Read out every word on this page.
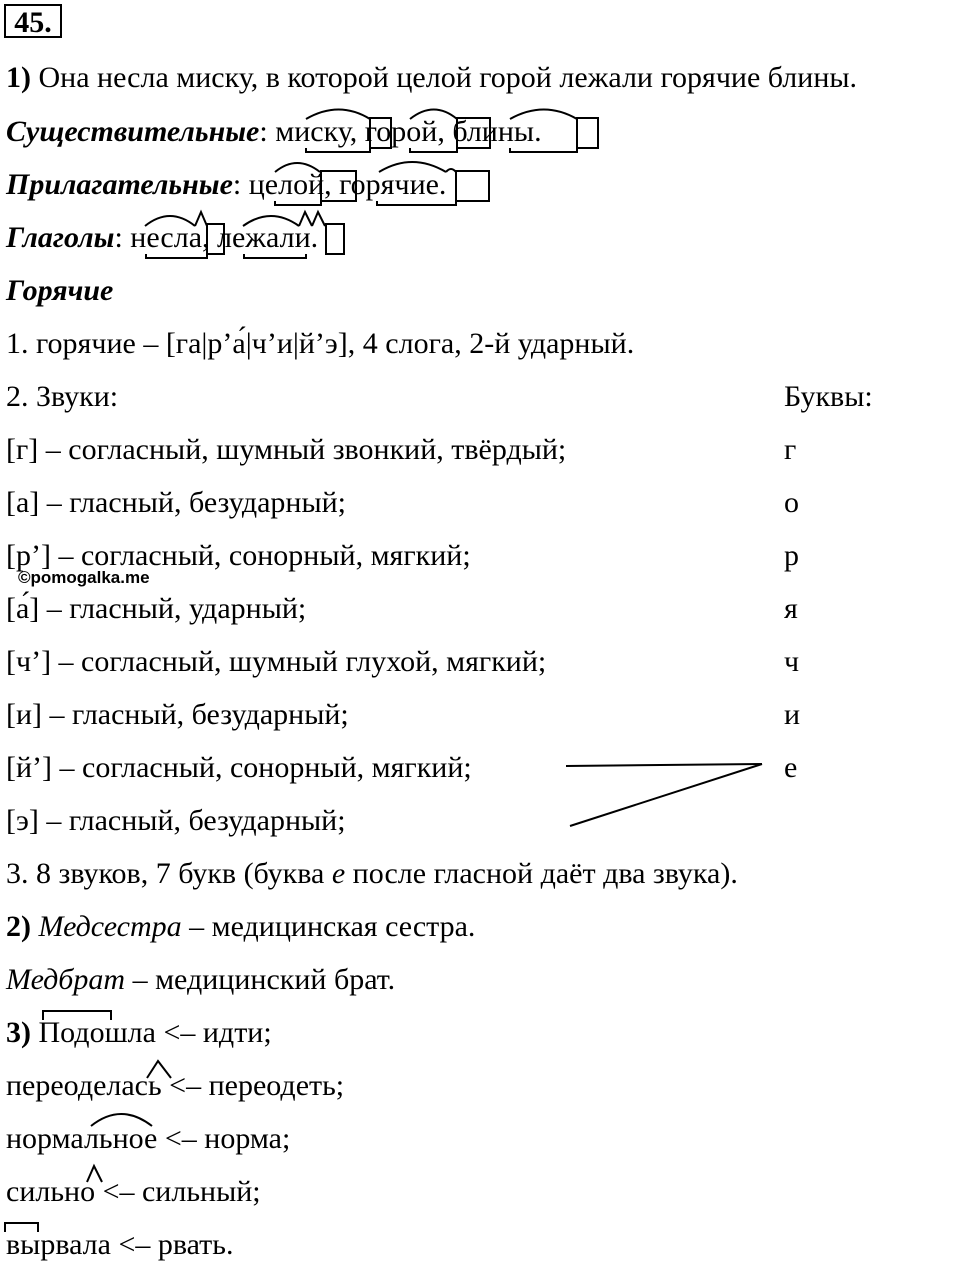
45.
1) Она несла миску, в которой целой горой лежали горячие блины.
Существительные: миску, горой, блины.
Прилагательные: целой, горячие.
Глаголы: несла, лежали.
Горячие
1. горячие – [га|р’а́|ч’и|й’э], 4 слога, 2-й ударный.
2. Звуки:	Буквы:
[г] – согласный, шумный звонкий, твёрдый;	г
[а] – гласный, безударный;	о
[р’] – согласный, сонорный, мягкий;	р
©pomogalka.me
[а́] – гласный, ударный;	я
[ч’] – согласный, шумный глухой, мягкий;	ч
[и] – гласный, безударный;	и
[й’] – согласный, сонорный, мягкий;	е
[э] – гласный, безударный;
3. 8 звуков, 7 букв (буква е после гласной даёт два звука).
2) Медсестра – медицинская сестра.
Медбрат – медицинский брат.
3) Подошла <– идти;
переоделась <– переодеть;
нормальное <– норма;
сильно <– сильный;
вырвала <– рвать.
